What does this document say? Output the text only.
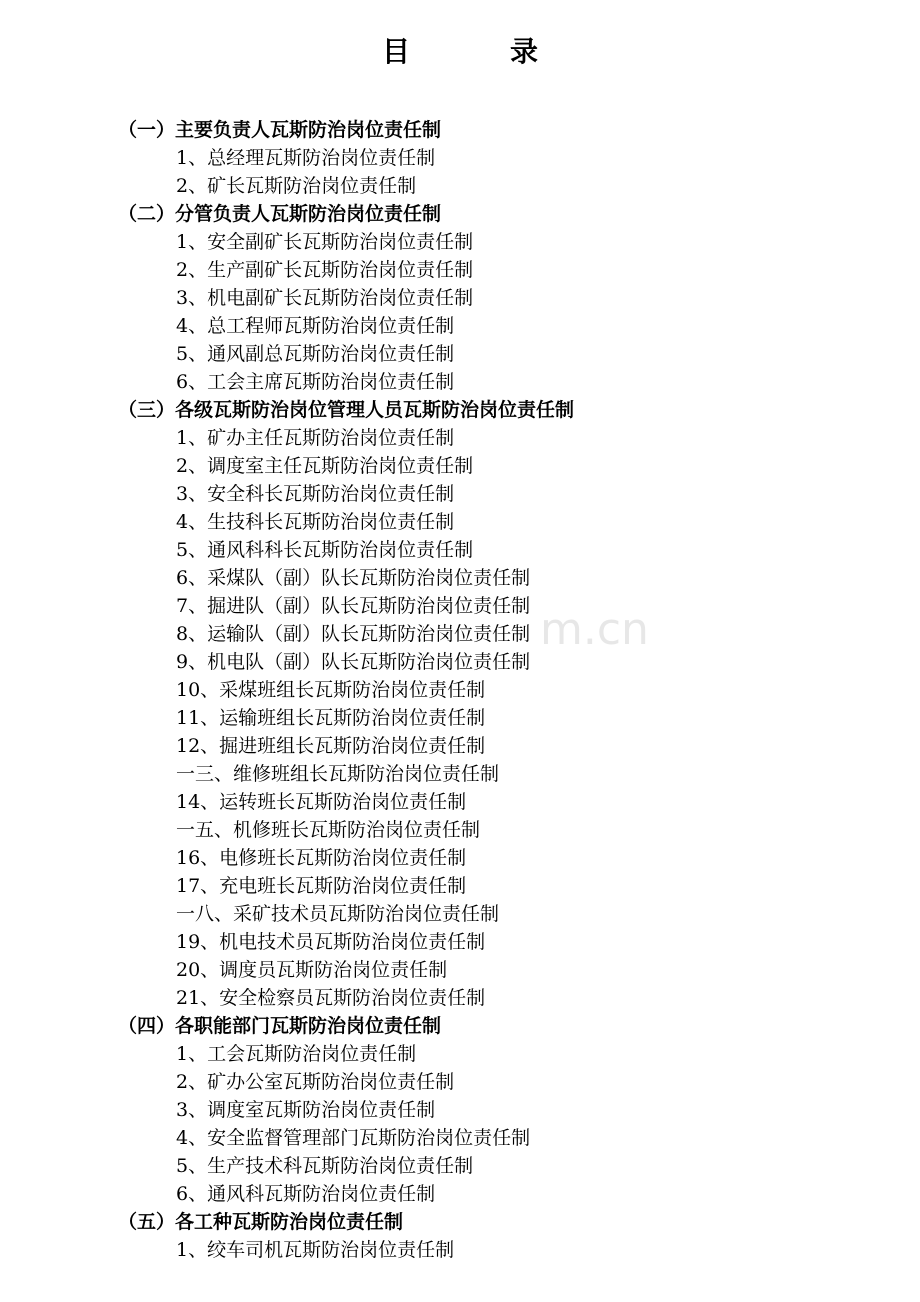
目　录
（一）主要负责人瓦斯防治岗位责任制
1、总经理瓦斯防治岗位责任制
2、矿长瓦斯防治岗位责任制
（二）分管负责人瓦斯防治岗位责任制
1、安全副矿长瓦斯防治岗位责任制
2、生产副矿长瓦斯防治岗位责任制
3、机电副矿长瓦斯防治岗位责任制
4、总工程师瓦斯防治岗位责任制
5、通风副总瓦斯防治岗位责任制
6、工会主席瓦斯防治岗位责任制
（三）各级瓦斯防治岗位管理人员瓦斯防治岗位责任制
1、矿办主任瓦斯防治岗位责任制
2、调度室主任瓦斯防治岗位责任制
3、安全科长瓦斯防治岗位责任制
4、生技科长瓦斯防治岗位责任制
5、通风科科长瓦斯防治岗位责任制
6、采煤队（副）队长瓦斯防治岗位责任制
7、掘进队（副）队长瓦斯防治岗位责任制
8、运输队（副）队长瓦斯防治岗位责任制
9、机电队（副）队长瓦斯防治岗位责任制
10、采煤班组长瓦斯防治岗位责任制
11、运输班组长瓦斯防治岗位责任制
12、掘进班组长瓦斯防治岗位责任制
一三、维修班组长瓦斯防治岗位责任制
14、运转班长瓦斯防治岗位责任制
一五、机修班长瓦斯防治岗位责任制
16、电修班长瓦斯防治岗位责任制
17、充电班长瓦斯防治岗位责任制
一八、采矿技术员瓦斯防治岗位责任制
19、机电技术员瓦斯防治岗位责任制
20、调度员瓦斯防治岗位责任制
21、安全检察员瓦斯防治岗位责任制
（四）各职能部门瓦斯防治岗位责任制
1、工会瓦斯防治岗位责任制
2、矿办公室瓦斯防治岗位责任制
3、调度室瓦斯防治岗位责任制
4、安全监督管理部门瓦斯防治岗位责任制
5、生产技术科瓦斯防治岗位责任制
6、通风科瓦斯防治岗位责任制
（五）各工种瓦斯防治岗位责任制
1、绞车司机瓦斯防治岗位责任制
m.cn
